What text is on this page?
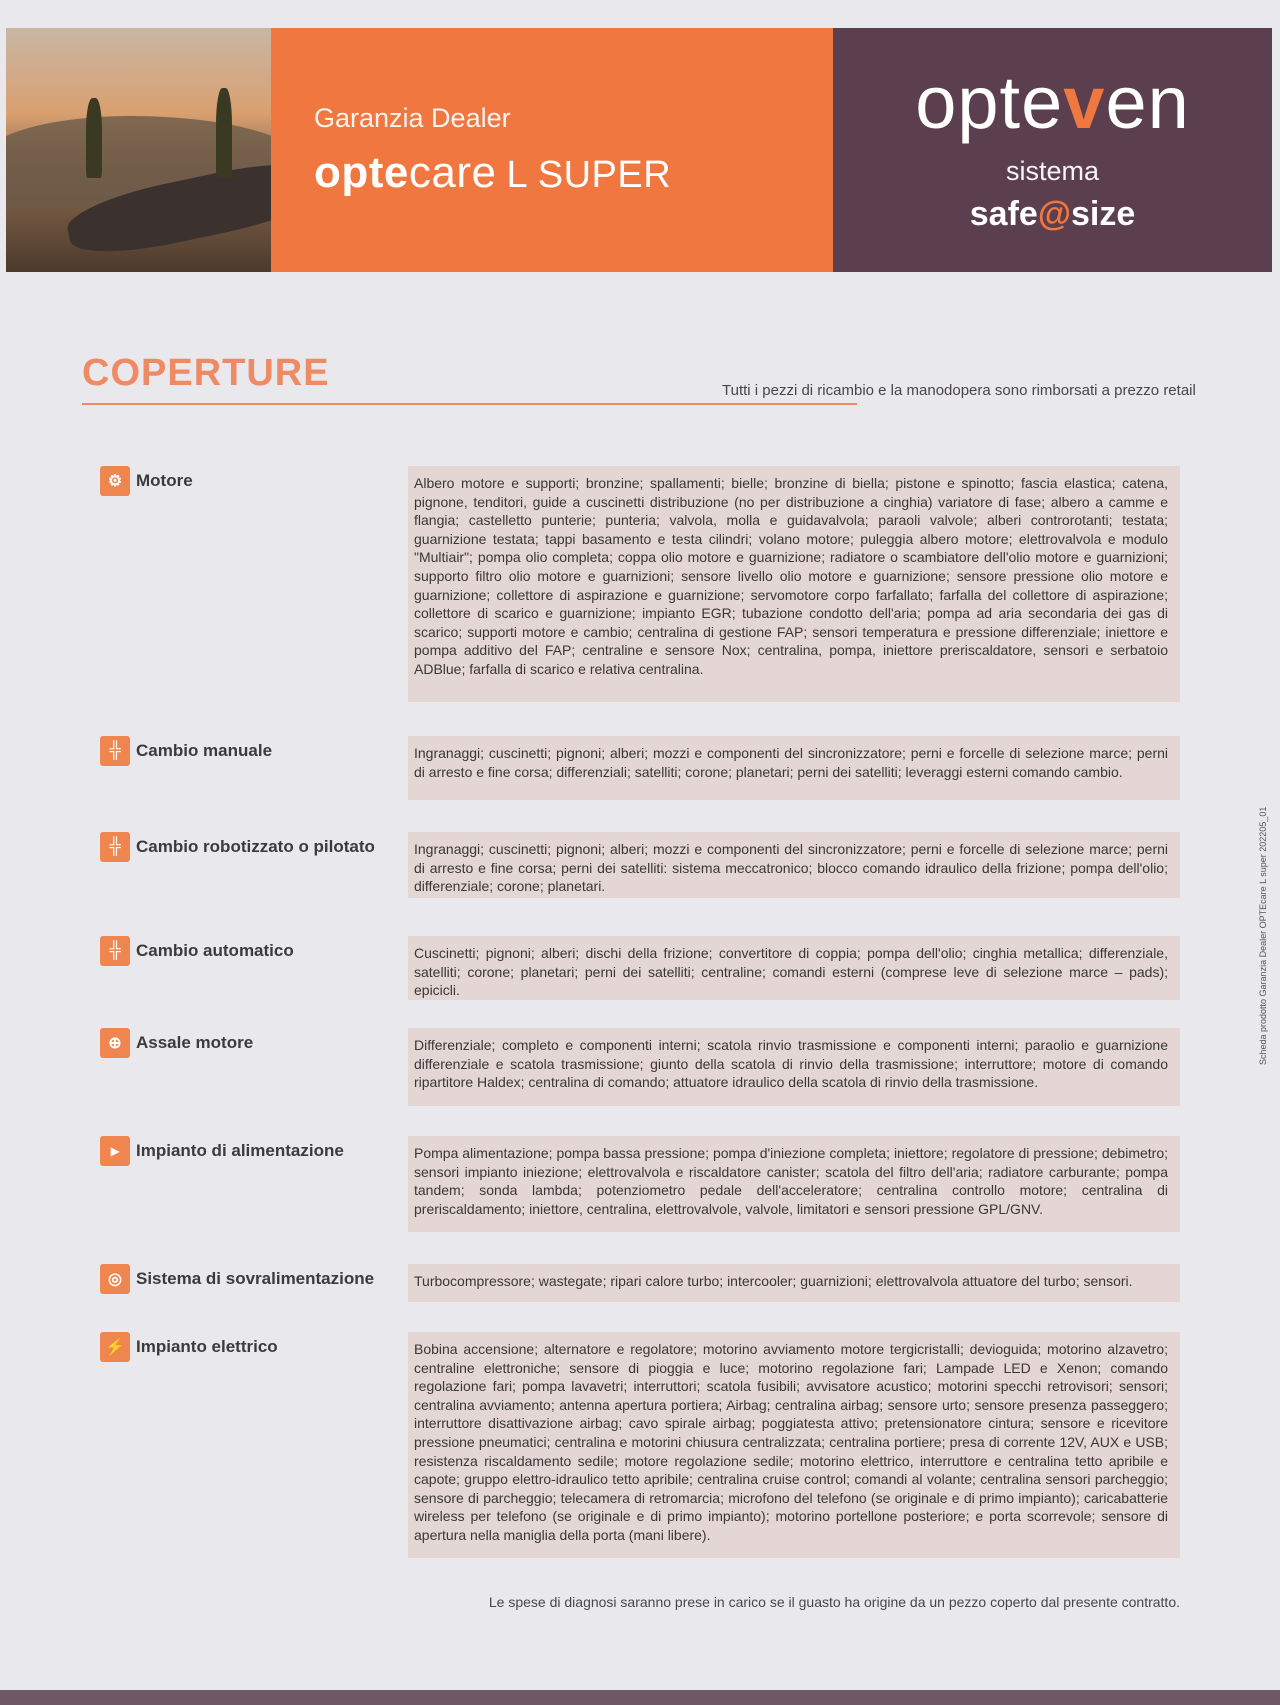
Garanzia Dealer
optecare L SUPER
opteven
sistema
safe@size
COPERTURE	Tutti i pezzi di ricambio e la manodopera sono rimborsati a prezzo retail
⚙ Motore	Albero motore e supporti; bronzine; spallamenti; bielle; bronzine di biella; pistone e spinotto; fascia elastica; catena, pignone, tenditori, guide a cuscinetti distribuzione (no per distribuzione a cinghia) variatore di fase; albero a camme e flangia; castelletto punterie; punteria; valvola, molla e guidavalvola; paraoli valvole; alberi controrotanti; testata; guarnizione testata; tappi basamento e testa cilindri; volano motore; puleggia albero motore; elettrovalvola e modulo "Multiair"; pompa olio completa; coppa olio motore e guarnizione; radiatore o scambiatore dell'olio motore e guarnizioni; supporto filtro olio motore e guarnizioni; sensore livello olio motore e guarnizione; sensore pressione olio motore e guarnizione; collettore di aspirazione e guarnizione; servomotore corpo farfallato; farfalla del collettore di aspirazione; collettore di scarico e guarnizione; impianto EGR; tubazione condotto dell'aria; pompa ad aria secondaria dei gas di scarico; supporti motore e cambio; centralina di gestione FAP; sensori temperatura e pressione differenziale; iniettore e pompa additivo del FAP; centraline e sensore Nox; centralina, pompa, iniettore preriscaldatore, sensori e serbatoio ADBlue; farfalla di scarico e relativa centralina.
╬ Cambio manuale	Ingranaggi; cuscinetti; pignoni; alberi; mozzi e componenti del sincronizzatore; perni e forcelle di selezione marce; perni di arresto e fine corsa; differenziali; satelliti; corone; planetari; perni dei satelliti; leveraggi esterni comando cambio.
╬ Cambio robotizzato o pilotato	Ingranaggi; cuscinetti; pignoni; alberi; mozzi e componenti del sincronizzatore; perni e forcelle di selezione marce; perni di arresto e fine corsa; perni dei satelliti: sistema meccatronico; blocco comando idraulico della frizione; pompa dell'olio; differenziale; corone; planetari.
╬ Cambio automatico	Cuscinetti; pignoni; alberi; dischi della frizione; convertitore di coppia; pompa dell'olio; cinghia metallica; differenziale, satelliti; corone; planetari; perni dei satelliti; centraline; comandi esterni (comprese leve di selezione marce – pads); epicicli.
⊕ Assale motore	Differenziale; completo e componenti interni; scatola rinvio trasmissione e componenti interni; paraolio e guarnizione differenziale e scatola trasmissione; giunto della scatola di rinvio della trasmissione; interruttore; motore di comando ripartitore Haldex; centralina di comando; attuatore idraulico della scatola di rinvio della trasmissione.
▸ Impianto di alimentazione	Pompa alimentazione; pompa bassa pressione; pompa d'iniezione completa; iniettore; regolatore di pressione; debimetro; sensori impianto iniezione; elettrovalvola e riscaldatore canister; scatola del filtro dell'aria; radiatore carburante; pompa tandem; sonda lambda; potenziometro pedale dell'acceleratore; centralina controllo motore; centralina di preriscaldamento; iniettore, centralina, elettrovalvole, valvole, limitatori e sensori pressione GPL/GNV.
◎ Sistema di sovralimentazione	Turbocompressore; wastegate; ripari calore turbo; intercooler; guarnizioni; elettrovalvola attuatore del turbo; sensori.
⚡ Impianto elettrico	Bobina accensione; alternatore e regolatore; motorino avviamento motore tergicristalli; devioguida; motorino alzavetro; centraline elettroniche; sensore di pioggia e luce; motorino regolazione fari; Lampade LED e Xenon; comando regolazione fari; pompa lavavetri; interruttori; scatola fusibili; avvisatore acustico; motorini specchi retrovisori; sensori; centralina avviamento; antenna apertura portiera; Airbag; centralina airbag; sensore urto; sensore presenza passeggero; interruttore disattivazione airbag; cavo spirale airbag; poggiatesta attivo; pretensionatore cintura; sensore e ricevitore pressione pneumatici; centralina e motorini chiusura centralizzata; centralina portiere; presa di corrente 12V, AUX e USB; resistenza riscaldamento sedile; motore regolazione sedile; motorino elettrico, interruttore e centralina tetto apribile e capote; gruppo elettro-idraulico tetto apribile; centralina cruise control; comandi al volante; centralina sensori parcheggio; sensore di parcheggio; telecamera di retromarcia; microfono del telefono (se originale e di primo impianto); caricabatterie wireless per telefono (se originale e di primo impianto); motorino portellone posteriore; e porta scorrevole; sensore di apertura nella maniglia della porta (mani libere).
Le spese di diagnosi saranno prese in carico se il guasto ha origine da un pezzo coperto dal presente contratto.
Scheda prodotto Garanzia Dealer OPTEcare L super 202205_01
